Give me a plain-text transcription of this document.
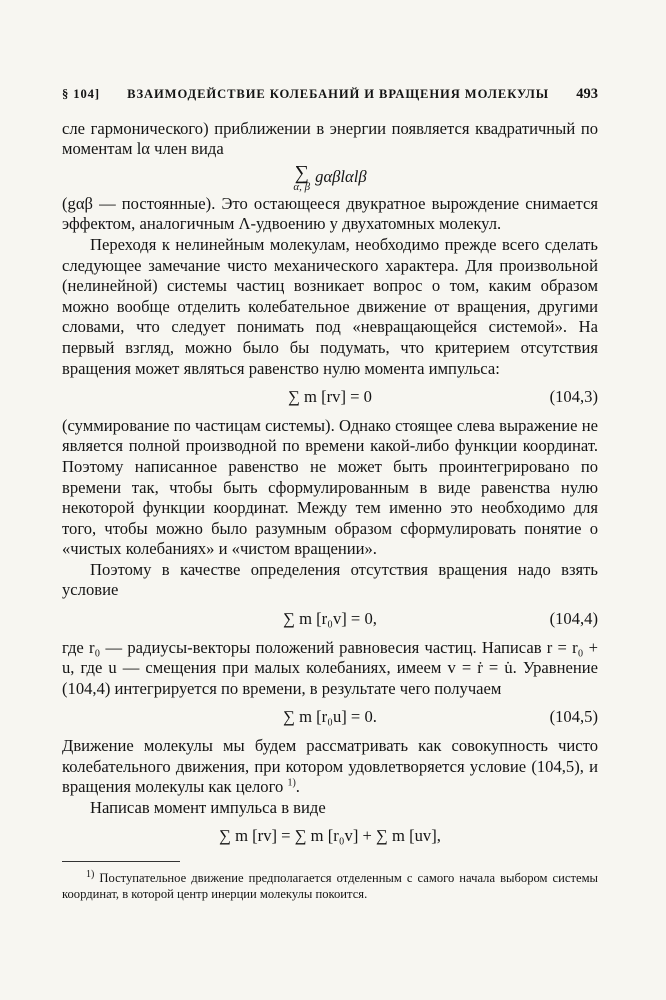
§ 104] ВЗАИМОДЕЙСТВИЕ КОЛЕБАНИЙ И ВРАЩЕНИЯ МОЛЕКУЛЫ 493

сле гармонического) приближении в энергии появляется квадратичный по моментам lα член вида

∑
α, β
gαβlαlβ

(gαβ — постоянные). Это остающееся двукратное вырождение снимается эффектом, аналогичным Λ-удвоению у двухатомных молекул.

Переходя к нелинейным молекулам, необходимо прежде всего сделать следующее замечание чисто механического характера. Для произвольной (нелинейной) системы частиц возникает вопрос о том, каким образом можно вообще отделить колебательное движение от вращения, другими словами, что следует понимать под «невращающейся системой». На первый взгляд, можно было бы подумать, что критерием отсутствия вращения может являться равенство нулю момента импульса:

∑ m [rv] = 0	(104,3)

(суммирование по частицам системы). Однако стоящее слева выражение не является полной производной по времени какой-либо функции координат. Поэтому написанное равенство не может быть проинтегрировано по времени так, чтобы быть сформулированным в виде равенства нулю некоторой функции координат. Между тем именно это необходимо для того, чтобы можно было разумным образом сформулировать понятие о «чистых колебаниях» и «чистом вращении».

Поэтому в качестве определения отсутствия вращения надо взять условие

∑ m [r₀v] = 0,	(104,4)

где r₀ — радиусы-векторы положений равновесия частиц. Написав r = r₀ + u, где u — смещения при малых колебаниях, имеем v = ṙ = u̇. Уравнение (104,4) интегрируется по времени, в результате чего получаем

∑ m [r₀u] = 0.	(104,5)

Движение молекулы мы будем рассматривать как совокупность чисто колебательного движения, при котором удовлетворяется условие (104,5), и вращения молекулы как целого $^{1)}$.

Написав момент импульса в виде

∑ m [rv] = ∑ m [r₀v] + ∑ m [uv],

$^{1)}$ Поступательное движение предполагается отделенным с самого начала выбором системы координат, в которой центр инерции молекулы покоится.
